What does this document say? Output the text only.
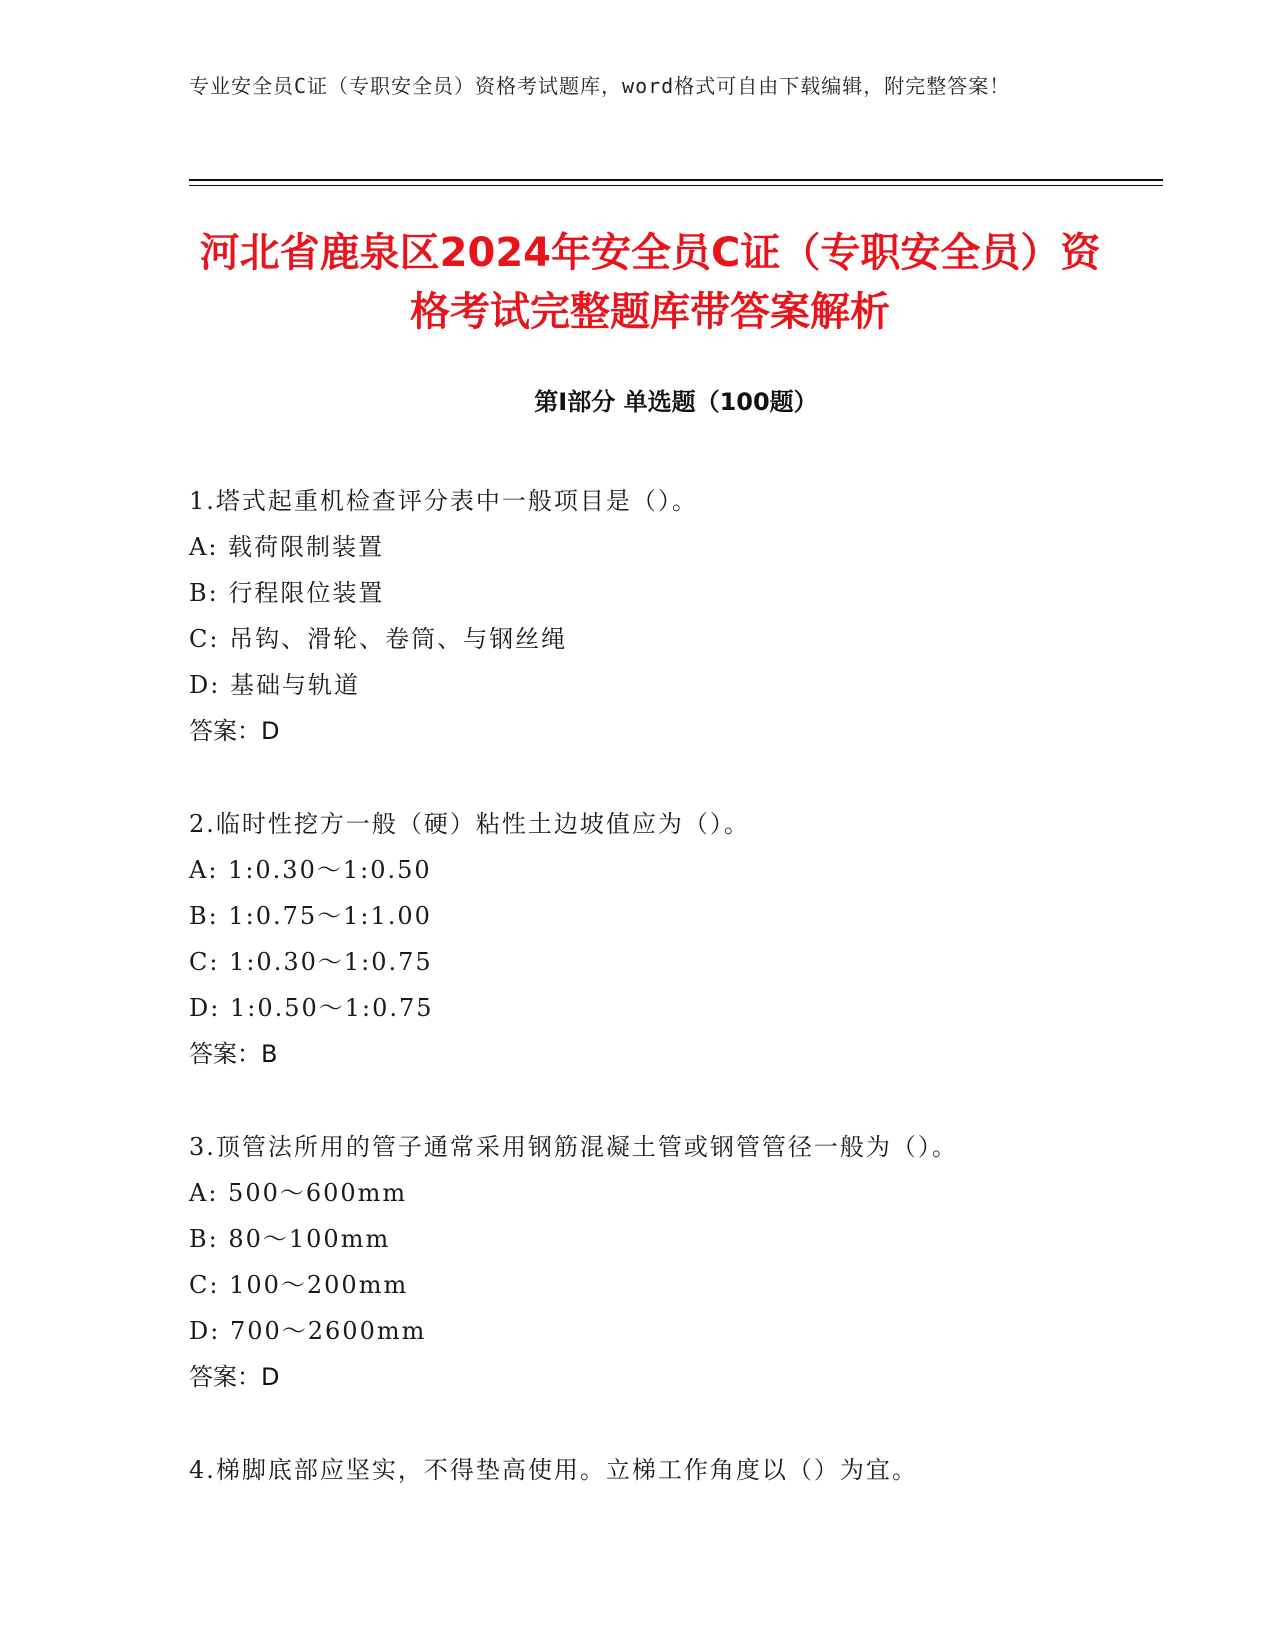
专业安全员C证（专职安全员）资格考试题库，word格式可自由下载编辑，附完整答案！
河北省鹿泉区2024年安全员C证（专职安全员）资格考试完整题库带答案解析
第Ⅰ部分 单选题（100题）
1.塔式起重机检查评分表中一般项目是（）。
A: 载荷限制装置
B: 行程限位装置
C: 吊钩、滑轮、卷筒、与钢丝绳
D: 基础与轨道
答案：D
2.临时性挖方一般（硬）粘性土边坡值应为（）。
A: 1:0.30～1:0.50
B: 1:0.75～1:1.00
C: 1:0.30～1:0.75
D: 1:0.50～1:0.75
答案：B
3.顶管法所用的管子通常采用钢筋混凝土管或钢管管径一般为（）。
A: 500～600mm
B: 80～100mm
C: 100～200mm
D: 700～2600mm
答案：D
4.梯脚底部应坚实，不得垫高使用。立梯工作角度以（）为宜。
